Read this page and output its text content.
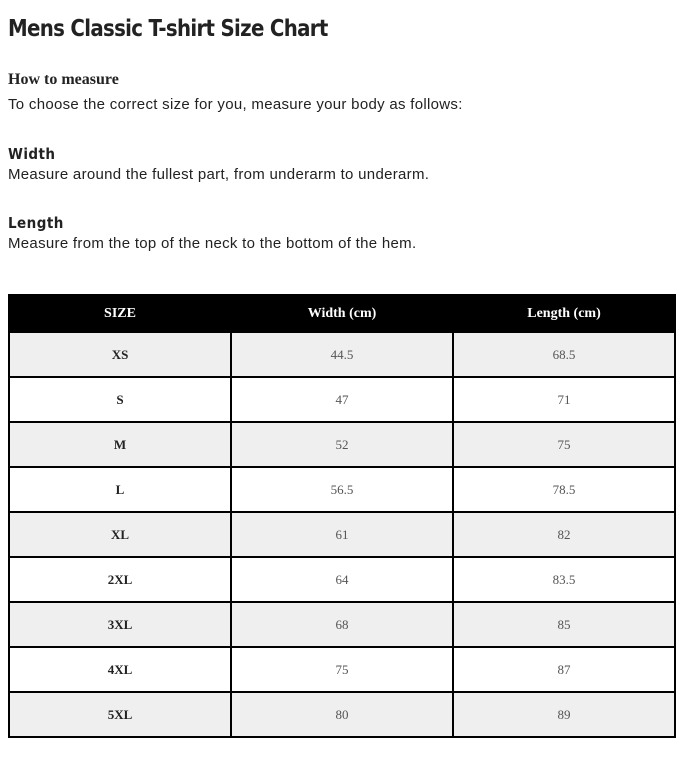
Mens Classic T-shirt Size Chart
How to measure

To choose the correct size for you, measure your body as follows:

Width

Measure around the fullest part, from underarm to underarm.

Length

Measure from the top of the neck to the bottom of the hem.

SIZE	Width (cm)	Length (cm)
XS	44.5	68.5
S	47	71
M	52	75
L	56.5	78.5
XL	61	82
2XL	64	83.5
3XL	68	85
4XL	75	87
5XL	80	89
